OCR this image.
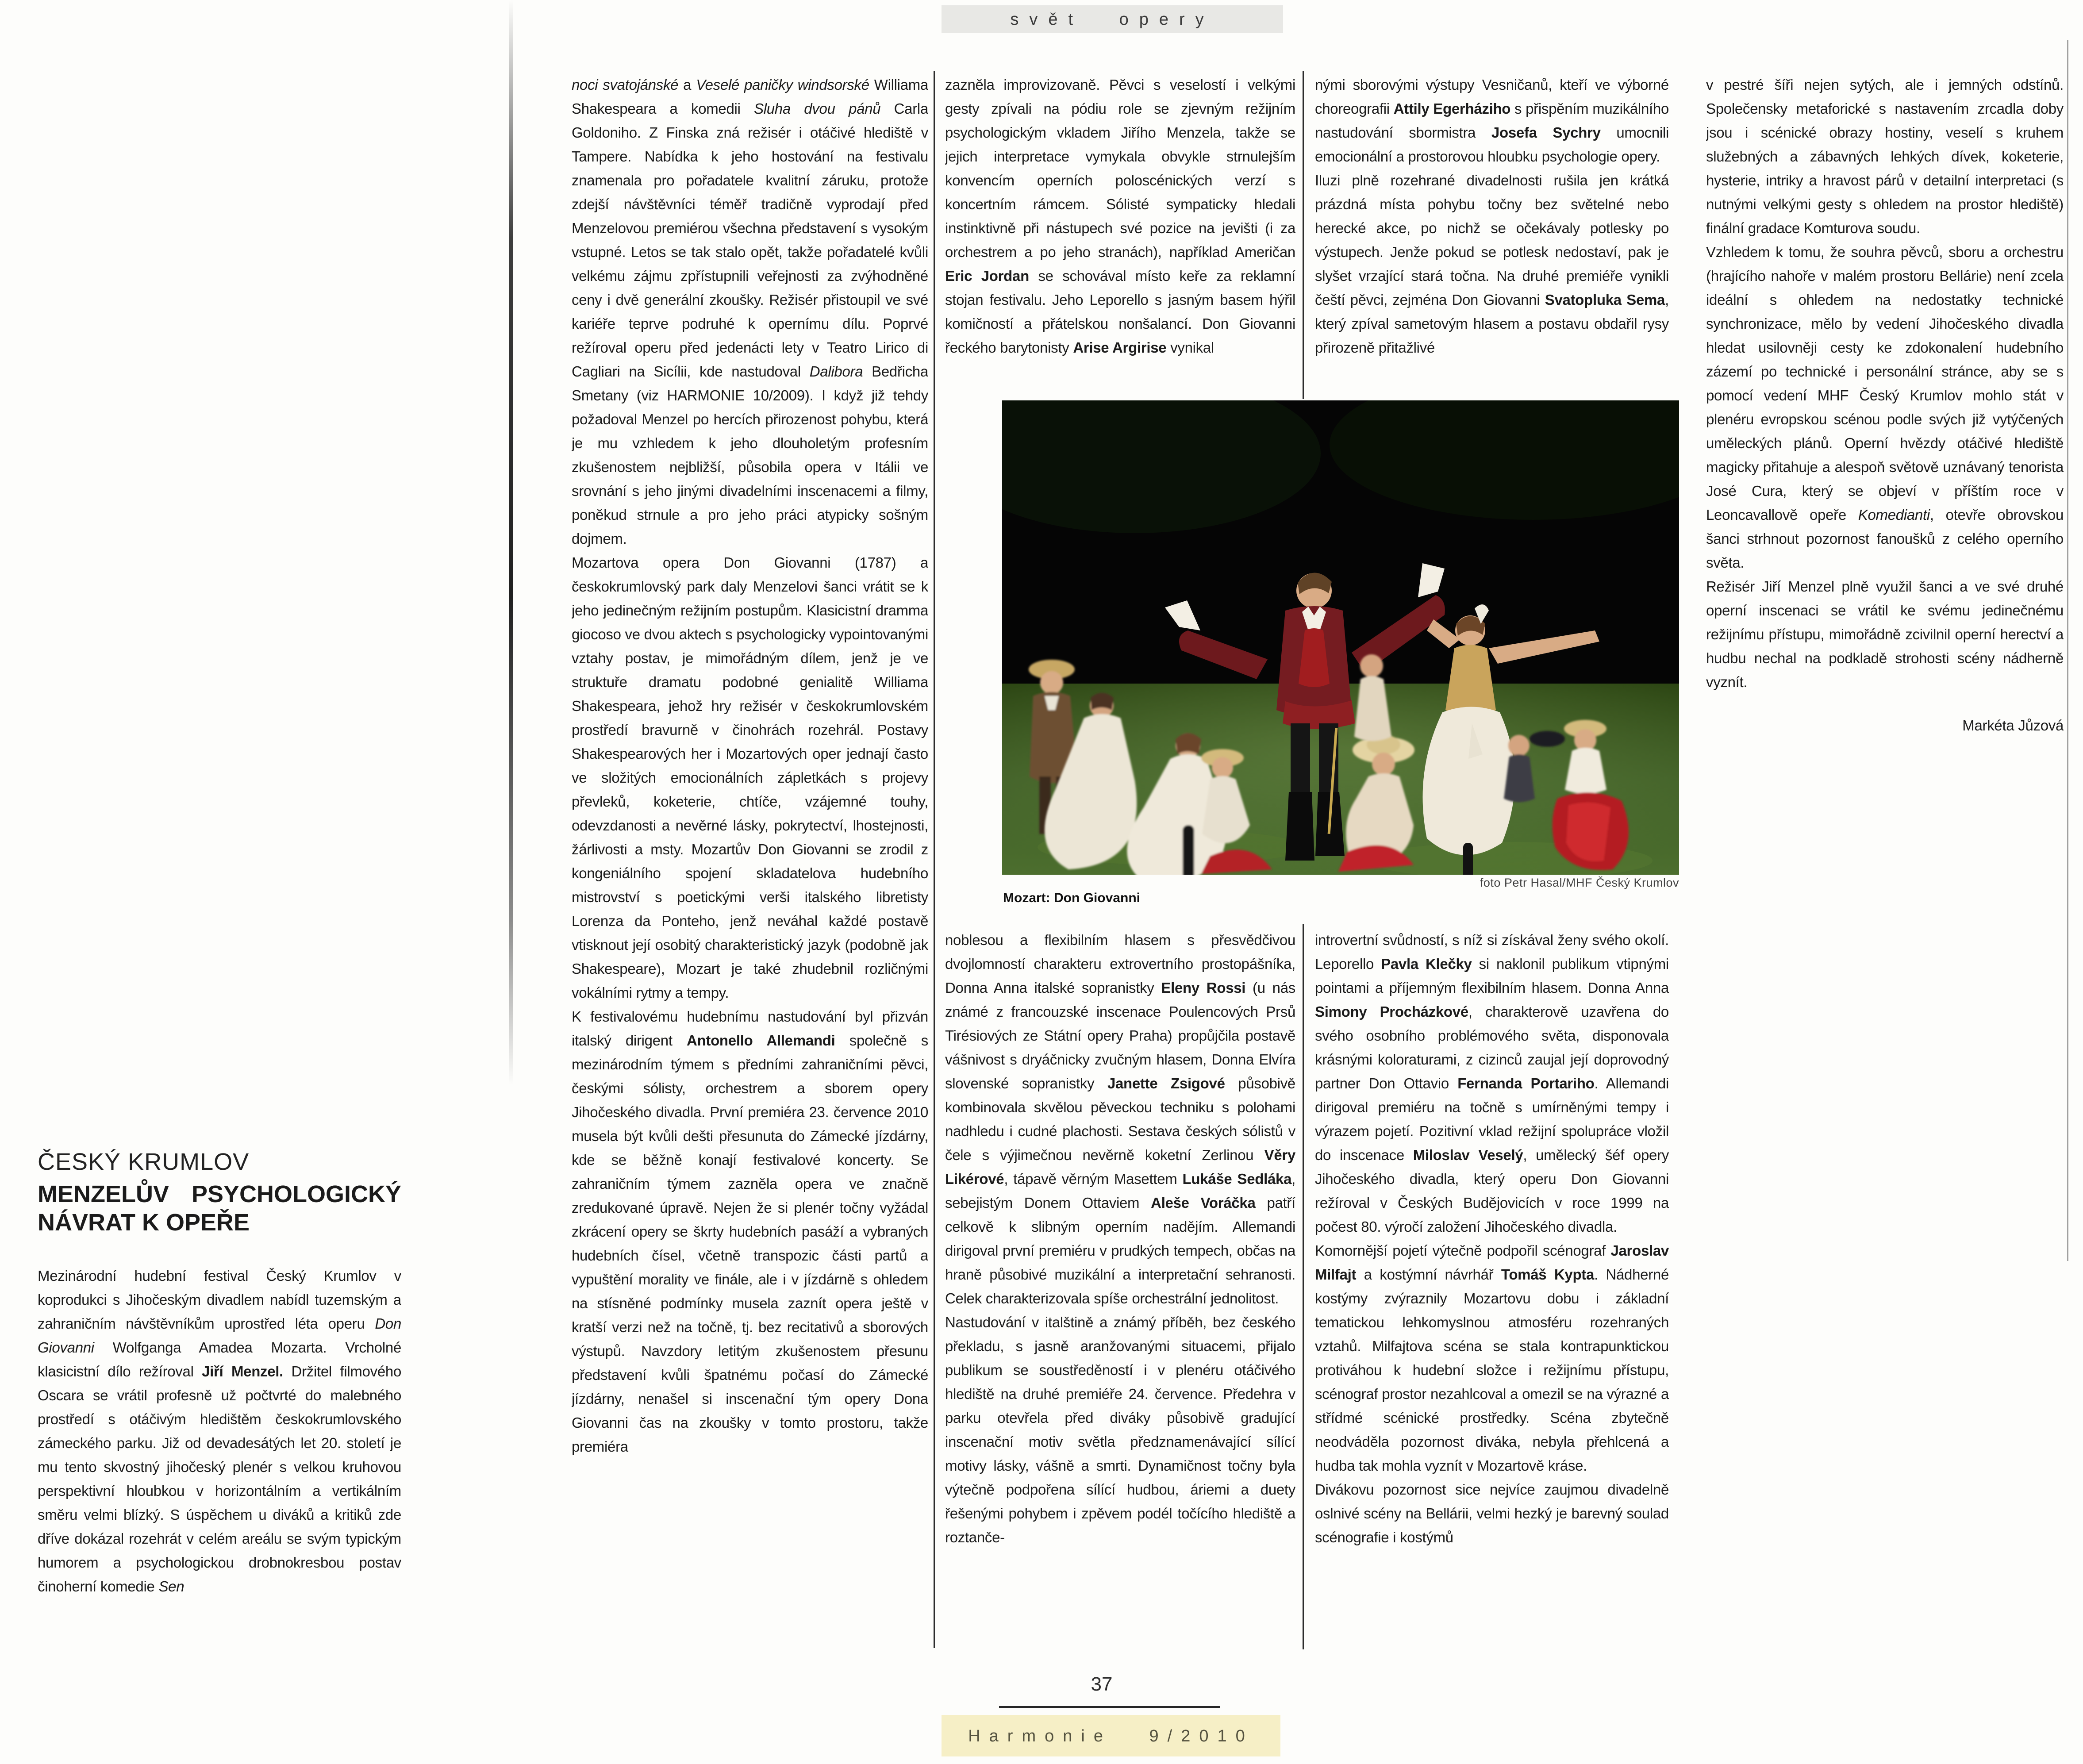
svět opery
ČESKÝ KRUMLOV
MENZELŮV PSYCHOLOGICKÝ NÁVRAT K OPEŘE

Mezinárodní hudební festival Český Krumlov v koprodukci s Jihočeským divadlem nabídl tuzemským a zahraničním návštěvníkům uprostřed léta operu Don Giovanni Wolfganga Amadea Mozarta. Vrcholné klasicistní dílo režíroval Jiří Menzel. Držitel filmového Oscara se vrátil profesně už počtvrté do malebného prostředí s otáčivým hledištěm českokrumlovského zámeckého parku. Již od devadesátých let 20. století je mu tento skvostný jihočeský plenér s velkou kruhovou perspektivní hloubkou v horizontálním a vertikálním směru velmi blízký. S úspěchem u diváků a kritiků zde dříve dokázal rozehrát v celém areálu se svým typickým humorem a psychologickou drobnokresbou postav činoherní komedie Sen

noci svatojánské a Veselé paničky windsorské Williama Shakespeara a komedii Sluha dvou pánů Carla Goldoniho. Z Finska zná režisér i otáčivé hlediště v Tampere. Nabídka k jeho hostování na festivalu znamenala pro pořadatele kvalitní záruku, protože zdejší návštěvníci téměř tradičně vyprodají před Menzelovou premiérou všechna představení s vysokým vstupné. Letos se tak stalo opět, takže pořadatelé kvůli velkému zájmu zpřístupnili veřejnosti za zvýhodněné ceny i dvě generální zkoušky. Režisér přistoupil ve své kariéře teprve podruhé k opernímu dílu. Poprvé režíroval operu před jedenácti lety v Teatro Lirico di Cagliari na Sicílii, kde nastudoval Dalibora Bedřicha Smetany (viz HARMONIE 10/2009). I když již tehdy požadoval Menzel po hercích přirozenost pohybu, která je mu vzhledem k jeho dlouholetým profesním zkušenostem nejbližší, působila opera v Itálii ve srovnání s jeho jinými divadelními inscenacemi a filmy, poněkud strnule a pro jeho práci atypicky sošným dojmem.

Mozartova opera Don Giovanni (1787) a českokrumlovský park daly Menzelovi šanci vrátit se k jeho jedinečným režijním postupům. Klasicistní dramma giocoso ve dvou aktech s psychologicky vypointovanými vztahy postav, je mimořádným dílem, jenž je ve struktuře dramatu podobné genialitě Williama Shakespeara, jehož hry režisér v českokrumlovském prostředí bravurně v činohrách rozehrál. Postavy Shakespearových her i Mozartových oper jednají často ve složitých emocionálních zápletkách s projevy převleků, koketerie, chtíče, vzájemné touhy, odevzdanosti a nevěrné lásky, pokrytectví, lhostejnosti, žárlivosti a msty. Mozartův Don Giovanni se zrodil z kongeniálního spojení skladatelova hudebního mistrovství s poetickými verši italského libretisty Lorenza da Ponteho, jenž neváhal každé postavě vtisknout její osobitý charakteristický jazyk (podobně jak Shakespeare), Mozart je také zhudebnil rozličnými vokálními rytmy a tempy.

K festivalovému hudebnímu nastudování byl přizván italský dirigent Antonello Allemandi společně s mezinárodním týmem s předními zahraničními pěvci, českými sólisty, orchestrem a sborem opery Jihočeského divadla. První premiéra 23. července 2010 musela být kvůli dešti přesunuta do Zámecké jízdárny, kde se běžně konají festivalové koncerty. Se zahraničním týmem zazněla opera ve značně zredukované úpravě. Nejen že si plenér točny vyžádal zkrácení opery se škrty hudebních pasáží a vybraných hudebních čísel, včetně transpozic části partů a vypuštění morality ve finále, ale i v jízdárně s ohledem na stísněné podmínky musela zaznít opera ještě v kratší verzi než na točně, tj. bez recitativů a sborových výstupů. Navzdory letitým zkušenostem přesunu představení kvůli špatnému počasí do Zámecké jízdárny, nenašel si inscenační tým opery Dona Giovanni čas na zkoušky v tomto prostoru, takže premiéra

zazněla improvizovaně. Pěvci s veselostí i velkými gesty zpívali na pódiu role se zjevným režijním psychologickým vkladem Jiřího Menzela, takže se jejich interpretace vymykala obvykle strnulejším konvencím operních poloscénických verzí s koncertním rámcem. Sólisté sympaticky hledali instinktivně při nástupech své pozice na jevišti (i za orchestrem a po jeho stranách), například Američan Eric Jordan se schovával místo keře za reklamní stojan festivalu. Jeho Leporello s jasným basem hýřil komičností a přátelskou nonšalancí. Don Giovanni řeckého barytonisty Arise Argirise vynikal

noblesou a flexibilním hlasem s přesvědčivou dvojlomností charakteru extrovertního prostopášníka, Donna Anna italské sopranistky Eleny Rossi (u nás známé z francouzské inscenace Poulencových Prsů Tirésiových ze Státní opery Praha) propůjčila postavě vášnivost s dryáčnicky zvučným hlasem, Donna Elvíra slovenské sopranistky Janette Zsigové působivě kombinovala skvělou pěveckou techniku s polohami nadhledu i cudné plachosti. Sestava českých sólistů v čele s výjimečnou nevěrně koketní Zerlinou Věry Likérové, tápavě věrným Masettem Lukáše Sedláka, sebejistým Donem Ottaviem Aleše Voráčka patří celkově k slibným operním nadějím. Allemandi dirigoval první premiéru v prudkých tempech, občas na hraně působivé muzikální a interpretační sehranosti. Celek charakterizovala spíše orchestrální jednolitost.

Nastudování v italštině a známý příběh, bez českého překladu, s jasně aranžovanými situacemi, přijalo publikum se soustředěností i v plenéru otáčivého hlediště na druhé premiéře 24. července. Předehra v parku otevřela před diváky působivě gradující inscenační motiv světla předznamenávající sílící motivy lásky, vášně a smrti. Dynamičnost točny byla výtečně podpořena sílící hudbou, áriemi a duety řešenými pohybem i zpěvem podél točícího hlediště a roztanče-

nými sborovými výstupy Vesničanů, kteří ve výborné choreografii Attily Egerháziho s přispěním muzikálního nastudování sbormistra Josefa Sychry umocnili emocionální a prostorovou hloubku psychologie opery.

Iluzi plně rozehrané divadelnosti rušila jen krátká prázdná místa pohybu točny bez světelné nebo herecké akce, po nichž se očekávaly potlesky po výstupech. Jenže pokud se potlesk nedostaví, pak je slyšet vrzající stará točna. Na druhé premiéře vynikli čeští pěvci, zejména Don Giovanni Svatopluka Sema, který zpíval sametovým hlasem a postavu obdařil rysy přirozeně přitažlivé

introvertní svůdností, s níž si získával ženy svého okolí. Leporello Pavla Klečky si naklonil publikum vtipnými pointami a příjemným flexibilním hlasem. Donna Anna Simony Procházkové, charakterově uzavřena do svého osobního problémového světa, disponovala krásnými koloraturami, z cizinců zaujal její doprovodný partner Don Ottavio Fernanda Portariho. Allemandi dirigoval premiéru na točně s umírněnými tempy i výrazem pojetí. Pozitivní vklad režijní spolupráce vložil do inscenace Miloslav Veselý, umělecký šéf opery Jihočeského divadla, který operu Don Giovanni režíroval v Českých Budějovicích v roce 1999 na počest 80. výročí založení Jihočeského divadla.

Komornější pojetí výtečně podpořil scénograf Jaroslav Milfajt a kostýmní návrhář Tomáš Kypta. Nádherné kostýmy zvýraznily Mozartovu dobu i základní tematickou lehkomyslnou atmosféru rozehraných vztahů. Milfajtova scéna se stala kontrapunktickou protiváhou k hudební složce i režijnímu přístupu, scénograf prostor nezahlcoval a omezil se na výrazné a střídmé scénické prostředky. Scéna zbytečně neodváděla pozornost diváka, nebyla přehlcená a hudba tak mohla vyznít v Mozartově kráse.

Divákovu pozornost sice nejvíce zaujmou divadelně oslnivé scény na Bellárii, velmi hezký je barevný soulad scénografie i kostýmů

v pestré šíři nejen sytých, ale i jemných odstínů. Společensky metaforické s nastavením zrcadla doby jsou i scénické obrazy hostiny, veselí s kruhem služebných a zábavných lehkých dívek, koketerie, hysterie, intriky a hravost párů v detailní interpretaci (s nutnými velkými gesty s ohledem na prostor hlediště) finální gradace Komturova soudu.

Vzhledem k tomu, že souhra pěvců, sboru a orchestru (hrajícího nahoře v malém prostoru Bellárie) není zcela ideální s ohledem na nedostatky technické synchronizace, mělo by vedení Jihočeského divadla hledat usilovněji cesty ke zdokonalení hudebního zázemí po technické i personální stránce, aby se s pomocí vedení MHF Český Krumlov mohlo stát v plenéru evropskou scénou podle svých již vytýčených uměleckých plánů. Operní hvězdy otáčivé hlediště magicky přitahuje a alespoň světově uznávaný tenorista José Cura, který se objeví v příštím roce v Leoncavallově opeře Komedianti, otevře obrovskou šanci strhnout pozornost fanoušků z celého operního světa.

Režisér Jiří Menzel plně využil šanci a ve své druhé operní inscenaci se vrátil ke svému jedinečnému režijnímu přístupu, mimořádně zcivilnil operní herectví a hudbu nechal na podkladě strohosti scény nádherně vyznít.

Markéta Jůzová
foto Petr Hasal/MHF Český Krumlov
Mozart: Don Giovanni
37
Harmonie 9/2010
